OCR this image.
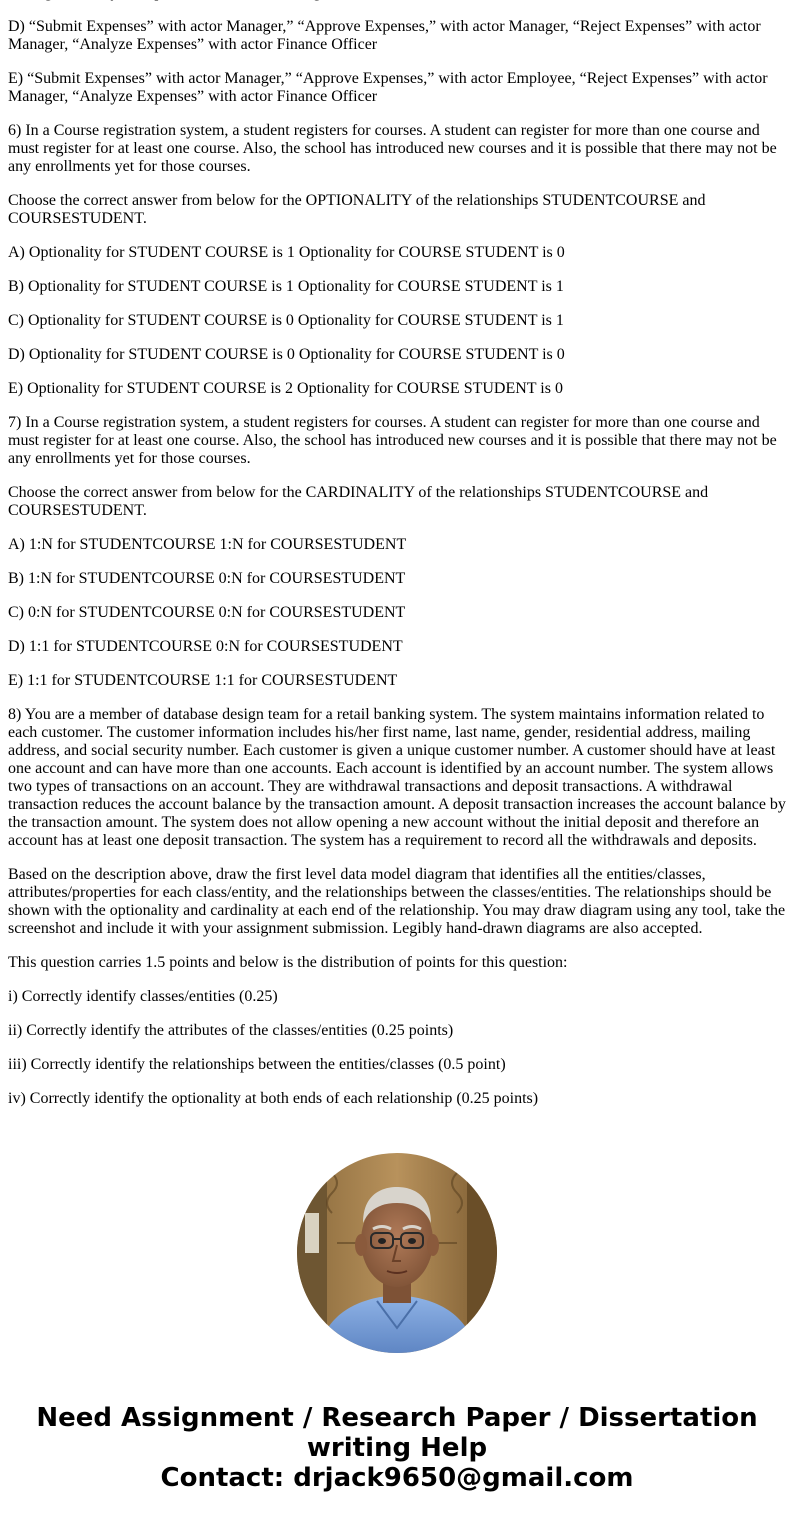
D) “Submit Expenses” with actor Manager,” “Approve Expenses,” with actor Manager, “Reject Expenses” with actor Manager, “Analyze Expenses” with actor Finance Officer

E) “Submit Expenses” with actor Manager,” “Approve Expenses,” with actor Employee, “Reject Expenses” with actor Manager, “Analyze Expenses” with actor Finance Officer

6) In a Course registration system, a student registers for courses. A student can register for more than one course and must register for at least one course. Also, the school has introduced new courses and it is possible that there may not be any enrollments yet for those courses.

Choose the correct answer from below for the OPTIONALITY of the relationships STUDENTCOURSE and COURSESTUDENT.

A) Optionality for STUDENT COURSE is 1 Optionality for COURSE STUDENT is 0

B) Optionality for STUDENT COURSE is 1 Optionality for COURSE STUDENT is 1

C) Optionality for STUDENT COURSE is 0 Optionality for COURSE STUDENT is 1

D) Optionality for STUDENT COURSE is 0 Optionality for COURSE STUDENT is 0

E) Optionality for STUDENT COURSE is 2 Optionality for COURSE STUDENT is 0

7) In a Course registration system, a student registers for courses. A student can register for more than one course and must register for at least one course. Also, the school has introduced new courses and it is possible that there may not be any enrollments yet for those courses.

Choose the correct answer from below for the CARDINALITY of the relationships STUDENTCOURSE and COURSESTUDENT.

A) 1:N for STUDENTCOURSE 1:N for COURSESTUDENT

B) 1:N for STUDENTCOURSE 0:N for COURSESTUDENT

C) 0:N for STUDENTCOURSE 0:N for COURSESTUDENT

D) 1:1 for STUDENTCOURSE 0:N for COURSESTUDENT

E) 1:1 for STUDENTCOURSE 1:1 for COURSESTUDENT

8) You are a member of database design team for a retail banking system. The system maintains information related to each customer. The customer information includes his/her first name, last name, gender, residential address, mailing address, and social security number. Each customer is given a unique customer number. A customer should have at least one account and can have more than one accounts. Each account is identified by an account number. The system allows two types of transactions on an account. They are withdrawal transactions and deposit transactions. A withdrawal transaction reduces the account balance by the transaction amount. A deposit transaction increases the account balance by the transaction amount. The system does not allow opening a new account without the initial deposit and therefore an account has at least one deposit transaction. The system has a requirement to record all the withdrawals and deposits.

Based on the description above, draw the first level data model diagram that identifies all the entities/classes, attributes/properties for each class/entity, and the relationships between the classes/entities. The relationships should be shown with the optionality and cardinality at each end of the relationship. You may draw diagram using any tool, take the screenshot and include it with your assignment submission. Legibly hand-drawn diagrams are also accepted.

This question carries 1.5 points and below is the distribution of points for this question:

i) Correctly identify classes/entities (0.25)

ii) Correctly identify the attributes of the classes/entities (0.25 points)

iii) Correctly identify the relationships between the entities/classes (0.5 point)

iv) Correctly identify the optionality at both ends of each relationship (0.25 points)

Need Assignment / Research Paper / Dissertation writing Help
Contact: drjack9650@gmail.com
